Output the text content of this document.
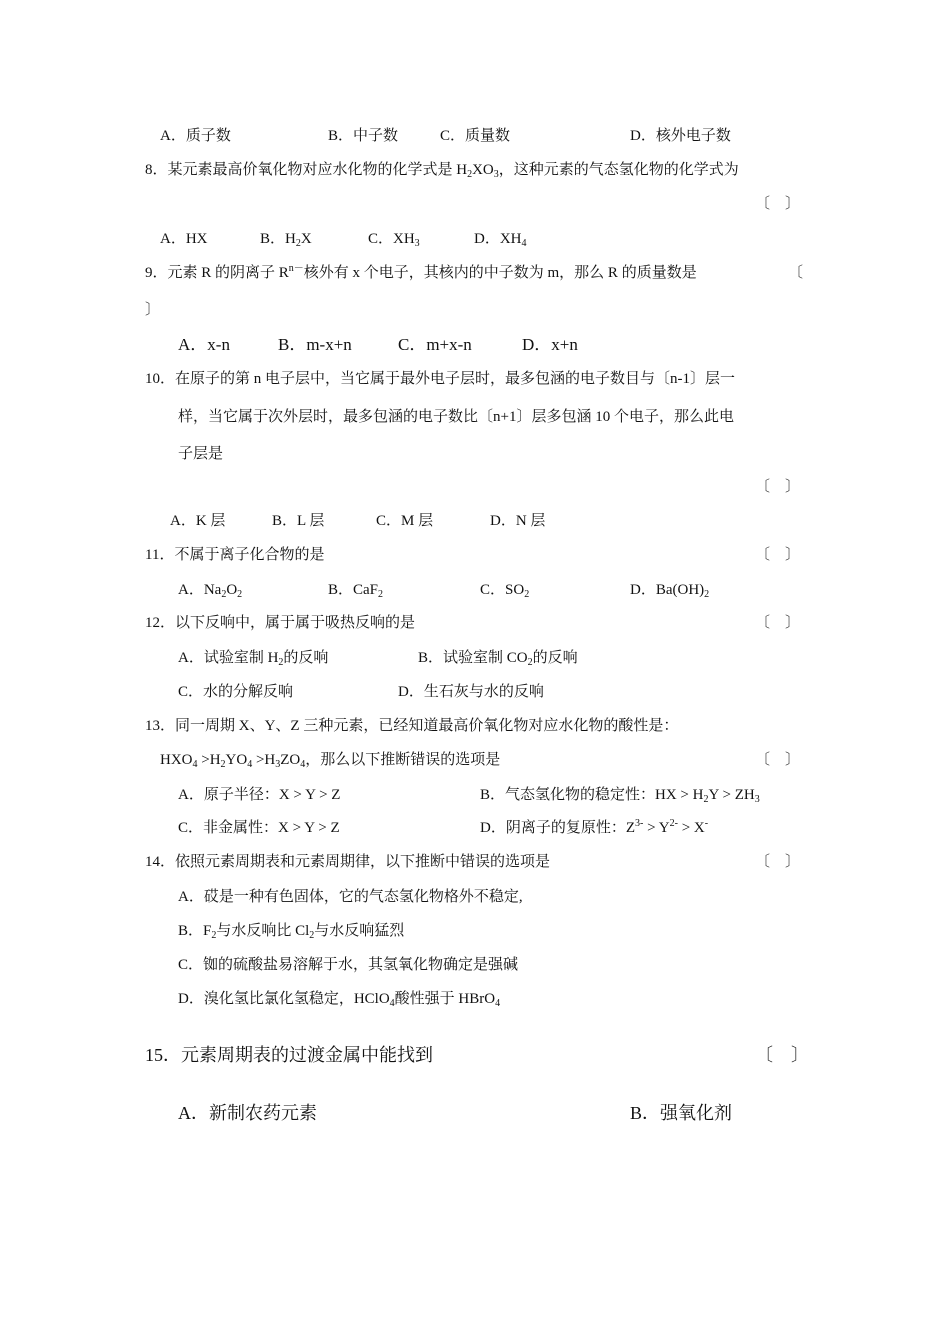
A．质子数	B．中子数	C．质量数	D．核外电子数
8．某元素最高价氧化物对应水化物的化学式是 $H_2XO_3$，这种元素的气态氢化物的化学式为
〔　〕
A．HX	B．$H_2X$	C．$XH_3$	D．$XH_4$
9．元素 R 的阴离子 $R^{n-}$核外有 x 个电子，其核内的中子数为 m，那么 R 的质量数是	〔
〕
A．x-n	B．m-x+n	C．m+x-n	D．x+n
10．在原子的第 n 电子层中，当它属于最外电子层时，最多包涵的电子数目与〔n-1〕层一
样，当它属于次外层时，最多包涵的电子数比〔n+1〕层多包涵 10 个电子，那么此电
子层是
〔　〕
A．K 层	B．L 层	C．M 层	D．N 层
11．不属于离子化合物的是	〔　〕
A．$Na_2O_2$	B．CaF$_2$	C．$SO_2$	D．$Ba(OH)_2$
12．以下反响中，属于属于吸热反响的是	〔　〕
A．试验室制 $H_2$的反响	B．试验室制 $CO_2$的反响
C．水的分解反响	D．生石灰与水的反响
13．同一周期 X、Y、Z 三种元素，已经知道最高价氧化物对应水化物的酸性是：
$HXO_4 >H_2YO_4 >H_3ZO_4$，那么以下推断错误的选项是	〔　〕
A．原子半径：X > Y > Z	B．气态氢化物的稳定性：HX > $H_2Y > ZH_3$
C．非金属性：X > Y > Z	D．阴离子的复原性：$Z^{3-} > Y^{2-} > X^-$
14．依照元素周期表和元素周期律，以下推断中错误的选项是	〔　〕
A．砹是一种有色固体，它的气态氢化物格外不稳定,
B．$F_2$与水反响比 $Cl_2$与水反响猛烈
C．铷的硫酸盐易溶解于水，其氢氧化物确定是强碱
D．溴化氢比氯化氢稳定，HClO$_4$酸性强于 HBrO$_4$
15．元素周期表的过渡金属中能找到	〔　〕
A．新制农药元素	B．强氧化剂
